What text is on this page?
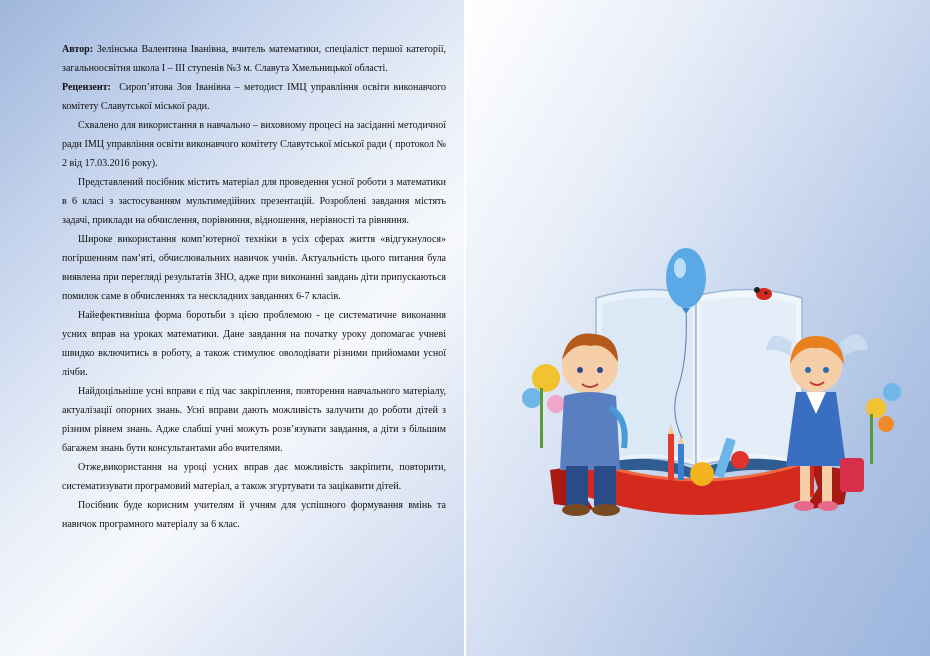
Автор: Зелінська Валентина Іванівна, вчитель математики, спеціаліст першої категорії, загальноосвітня школа І – ІІІ ступенів №3 м. Славута Хмельницької області.

Рецензент: Сироп’ятова Зоя Іванівна – методист ІМЦ управління освіти виконавчого комітету Славутської міської ради.

Схвалено для використання в навчально – виховному процесі на засіданні методичної ради ІМЦ управління освіти виконавчого комітету Славутської міської ради ( протокол № 2 від 17.03.2016 року).

Представлений посібник містить матеріал для проведення усної роботи з математики в 6 класі з застосуванням мультимедійних презентацій. Розроблені завдання містять задачі, приклади на обчислення, порівняння, відношення, нерівності та рівняння.

Широке використання комп’ютерної техніки в усіх сферах життя «відгукнулося» погіршенням пам’яті, обчислювальних навичок учнів. Актуальність цього питання була виявлена при перегляді результатів ЗНО, адже при виконанні завдань діти припускаються помилок саме в обчисленнях та нескладних завданнях 6-7 класів.

Найефективніша форма боротьби з цією проблемою - це систематичне виконання усних вправ на уроках математики. Дане завдання на початку уроку допомагає учневі швидко включитись в роботу, а також стимулює оволодівати різними прийомами усної лічби.

Найдоцільніше усні вправи є під час закріплення, повторення навчального матеріалу, актуалізації опорних знань. Усні вправи дають можливість залучити до роботи дітей з різним рівнем знань. Адже слабші учні можуть розв’язувати завдання, а діти з більшим багажем знань бути консультантами або вчителями.

Отже,використання на уроці усних вправ дає можливість закріпити, повторити, систематизувати програмовий матеріал, а також згуртувати та зацікавити дітей.

Посібник буде корисним учителям й учням для успішного формування вмінь та навичок програмного матеріалу за 6 клас.
